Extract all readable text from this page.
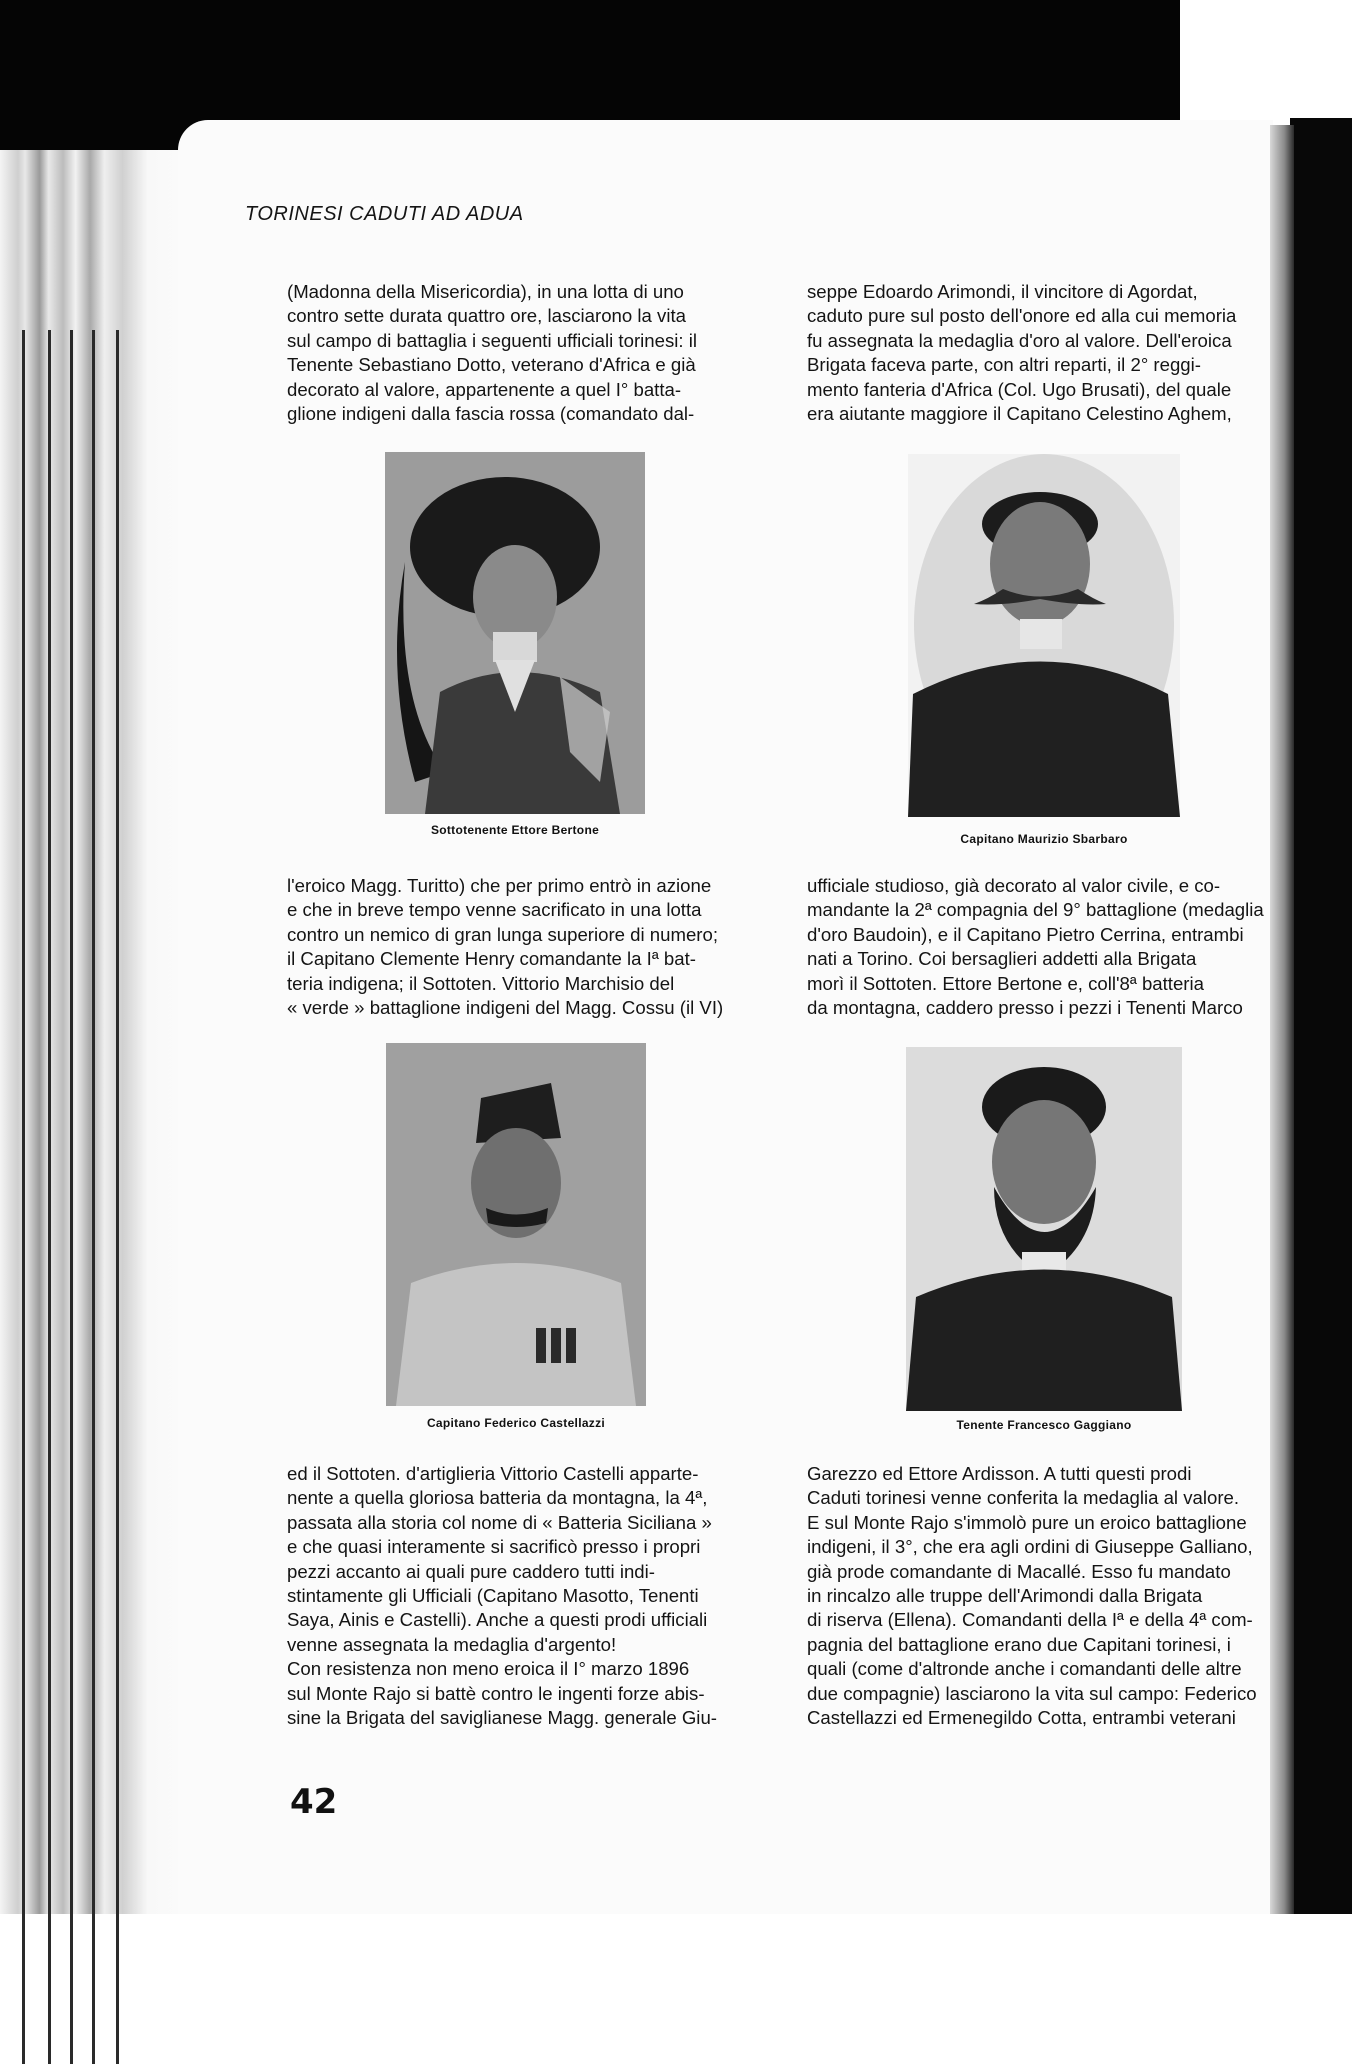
TORINESI CADUTI AD ADUA

(Madonna della Misericordia), in una lotta di uno
contro sette durata quattro ore, lasciarono la vita
sul campo di battaglia i seguenti ufficiali torinesi: il
Tenente Sebastiano Dotto, veterano d'Africa e già
decorato al valore, appartenente a quel I° batta-
glione indigeni dalla fascia rossa (comandato dal-

seppe Edoardo Arimondi, il vincitore di Agordat,
caduto pure sul posto dell'onore ed alla cui memoria
fu assegnata la medaglia d'oro al valore. Dell'eroica
Brigata faceva parte, con altri reparti, il 2° reggi-
mento fanteria d'Africa (Col. Ugo Brusati), del quale
era aiutante maggiore il Capitano Celestino Aghem,

Sottotenente Ettore Bertone
Capitano Maurizio Sbarbaro

l'eroico Magg. Turitto) che per primo entrò in azione
e che in breve tempo venne sacrificato in una lotta
contro un nemico di gran lunga superiore di numero;
il Capitano Clemente Henry comandante la Iª bat-
teria indigena; il Sottoten. Vittorio Marchisio del
« verde » battaglione indigeni del Magg. Cossu (il VI)

ufficiale studioso, già decorato al valor civile, e co-
mandante la 2ª compagnia del 9° battaglione (medaglia
d'oro Baudoin), e il Capitano Pietro Cerrina, entrambi
nati a Torino. Coi bersaglieri addetti alla Brigata
morì il Sottoten. Ettore Bertone e, coll'8ª batteria
da montagna, caddero presso i pezzi i Tenenti Marco

Capitano Federico Castellazzi	Tenente Francesco Gaggiano

ed il Sottoten. d'artiglieria Vittorio Castelli apparte-
nente a quella gloriosa batteria da montagna, la 4ª,
passata alla storia col nome di « Batteria Siciliana »
e che quasi interamente si sacrificò presso i propri
pezzi accanto ai quali pure caddero tutti indi-
stintamente gli Ufficiali (Capitano Masotto, Tenenti
Saya, Ainis e Castelli). Anche a questi prodi ufficiali
venne assegnata la medaglia d'argento!
Con resistenza non meno eroica il I° marzo 1896
sul Monte Rajo si battè contro le ingenti forze abis-
sine la Brigata del saviglianese Magg. generale Giu-

Garezzo ed Ettore Ardisson. A tutti questi prodi
Caduti torinesi venne conferita la medaglia al valore.
E sul Monte Rajo s'immolò pure un eroico battaglione
indigeni, il 3°, che era agli ordini di Giuseppe Galliano,
già prode comandante di Macallé. Esso fu mandato
in rincalzo alle truppe dell'Arimondi dalla Brigata
di riserva (Ellena). Comandanti della Iª e della 4ª com-
pagnia del battaglione erano due Capitani torinesi, i
quali (come d'altronde anche i comandanti delle altre
due compagnie) lasciarono la vita sul campo: Federico
Castellazzi ed Ermenegildo Cotta, entrambi veterani

42
